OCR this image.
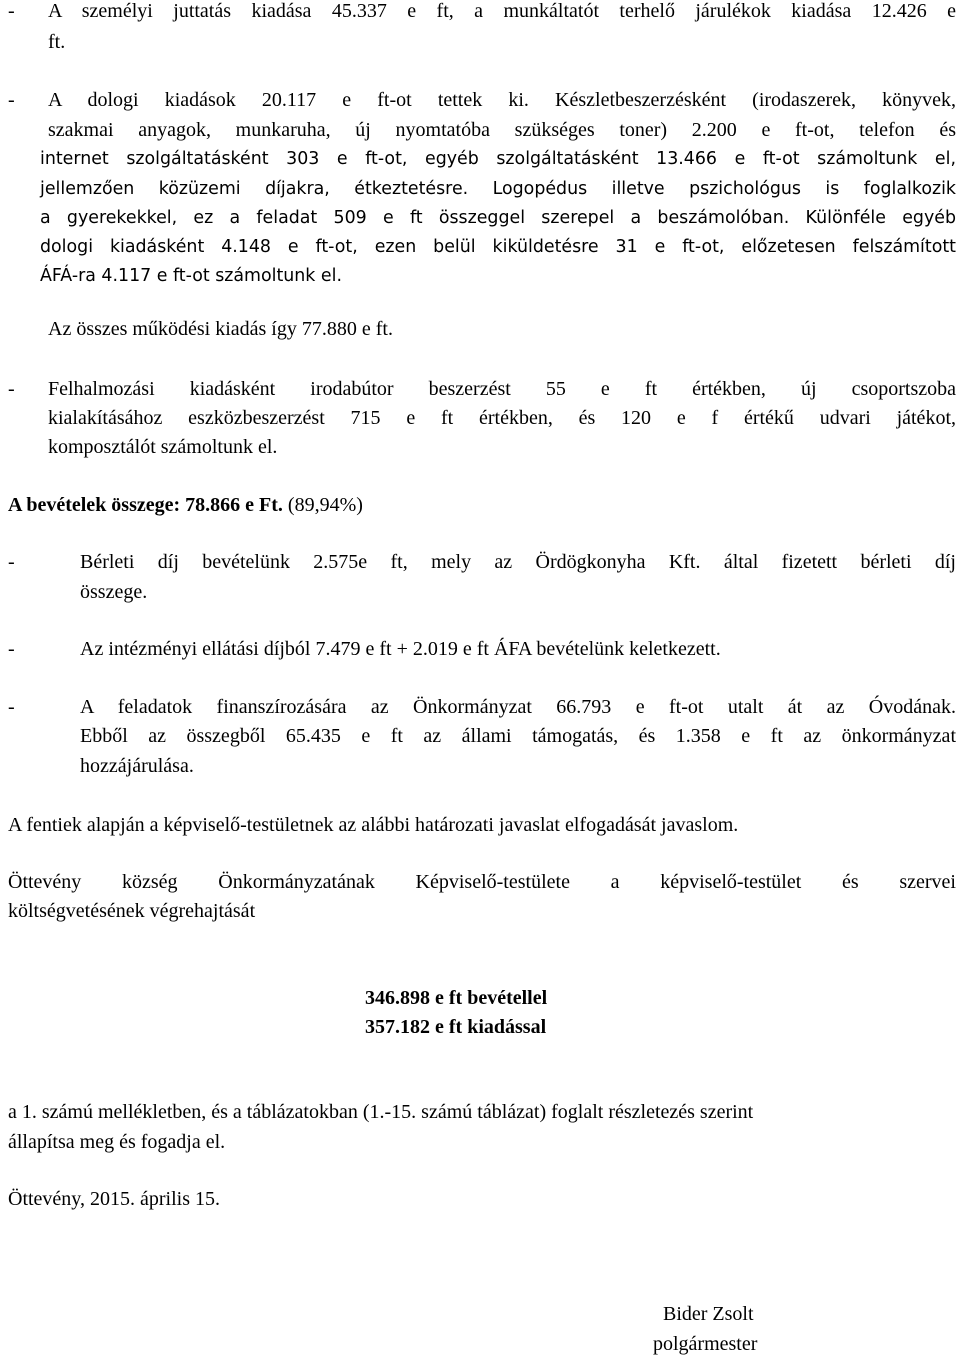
- A személyi juttatás kiadása 45.337 e ft, a munkáltatót terhelő járulékok kiadása 12.426 e
ft.
- A dologi kiadások 20.117 e ft-ot tettek ki. Készletbeszerzésként (irodaszerek, könyvek,
szakmai anyagok, munkaruha, új nyomtatóba szükséges toner) 2.200 e ft-ot, telefon és
internet szolgáltatásként 303 e ft-ot, egyéb szolgáltatásként 13.466 e ft-ot számoltunk el,
jellemzően közüzemi díjakra, étkeztetésre. Logopédus illetve pszichológus is foglalkozik
a gyerekekkel, ez a feladat 509 e ft összeggel szerepel a beszámolóban. Különféle egyéb
dologi kiadásként 4.148 e ft-ot, ezen belül kiküldetésre 31 e ft-ot, előzetesen felszámított
ÁFÁ-ra 4.117 e ft-ot számoltunk el.
Az összes működési kiadás így 77.880 e ft.
- Felhalmozási kiadásként irodabútor beszerzést 55 e ft értékben, új csoportszoba
kialakításához eszközbeszerzést 715 e ft értékben, és 120 e f értékű udvari játékot,
komposztálót számoltunk el.
A bevételek összege: 78.866 e Ft. (89,94%)
-	Bérleti díj bevételünk 2.575e ft, mely az Ördögkonyha Kft. által fizetett bérleti díj
összege.
-	Az intézményi ellátási díjból 7.479 e ft + 2.019 e ft ÁFA bevételünk keletkezett.
-	A feladatok finanszírozására az Önkormányzat 66.793 e ft-ot utalt át az Óvodának.
Ebből az összegből 65.435 e ft az állami támogatás, és 1.358 e ft az önkormányzat
hozzájárulása.
A fentiek alapján a képviselő-testületnek az alábbi határozati javaslat elfogadását javaslom.
Öttevény község Önkormányzatának Képviselő-testülete a képviselő-testület és szervei
költségvetésének végrehajtását
346.898 e ft bevétellel
357.182 e ft kiadással
a 1. számú mellékletben, és a táblázatokban (1.-15. számú táblázat) foglalt részletezés szerint
állapítsa meg és fogadja el.
Öttevény, 2015. április 15.
Bider Zsolt
polgármester
